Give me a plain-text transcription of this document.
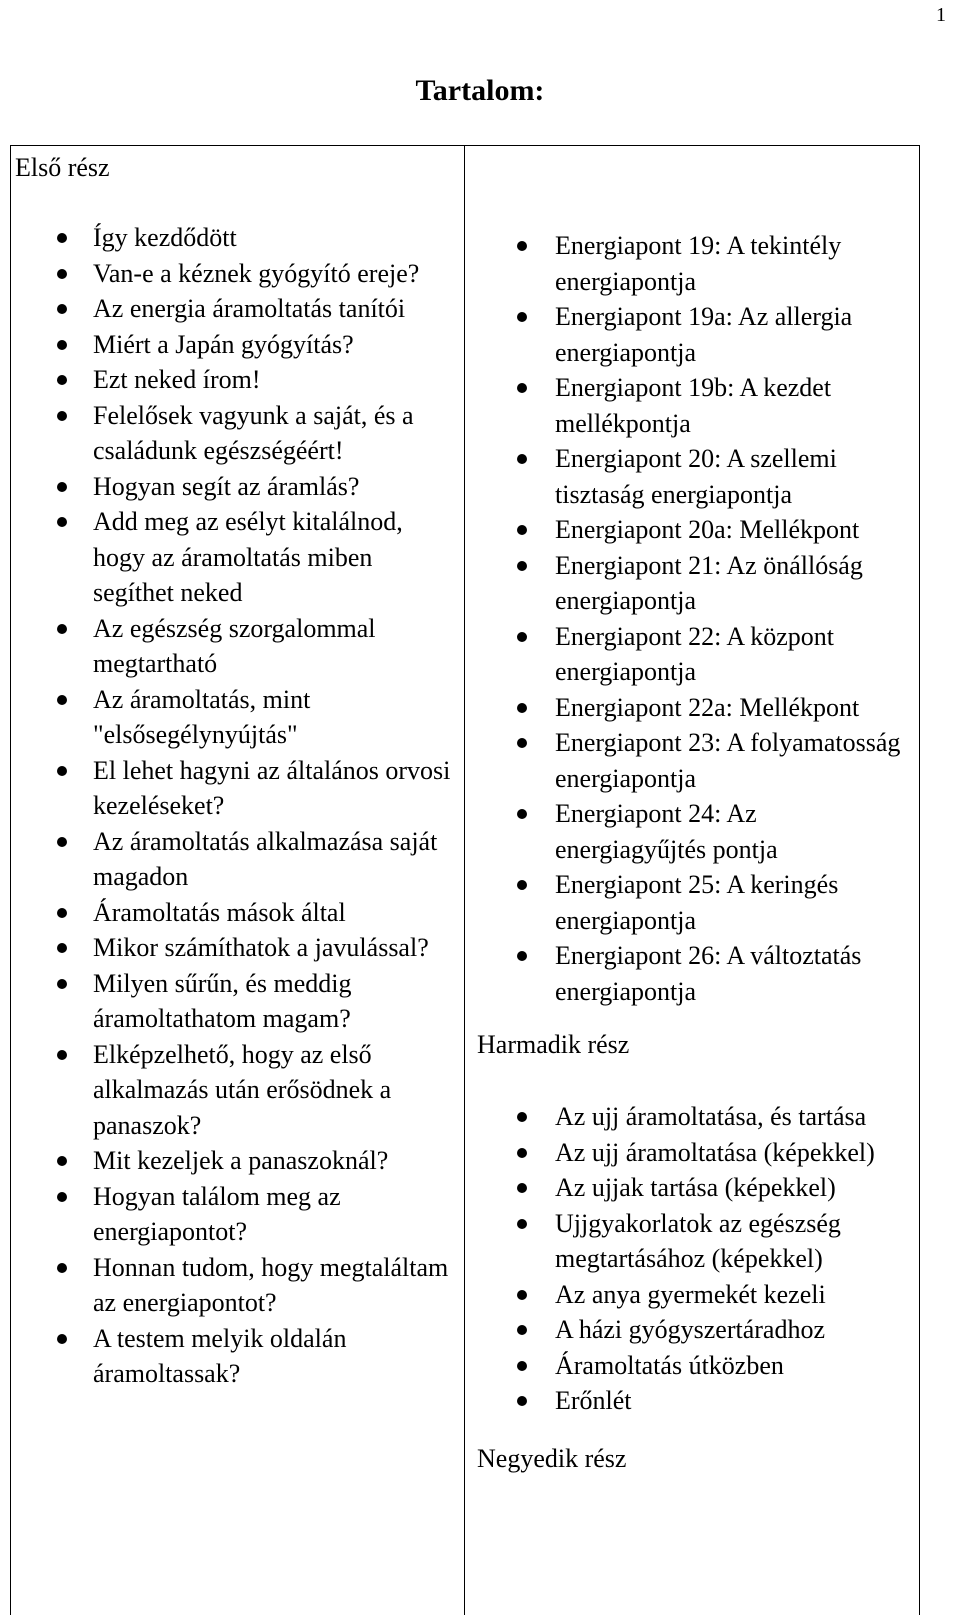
1
Tartalom:

Első rész

Így kezdődött
Van-e a kéznek gyógyító ereje?
Az energia áramoltatás tanítói
Miért a Japán gyógyítás?
Ezt neked írom!
Felelősek vagyunk a saját, és a családunk egészségéért!
Hogyan segít az áramlás?
Add meg az esélyt kitalálnod, hogy az áramoltatás miben segíthet neked
Az egészség szorgalommal megtartható
Az áramoltatás, mint "elsősegélynyújtás"
El lehet hagyni az általános orvosi kezeléseket?
Az áramoltatás alkalmazása saját magadon
Áramoltatás mások által
Mikor számíthatok a javulással?
Milyen sűrűn, és meddig áramoltathatom magam?
Elképzelhető, hogy az első alkalmazás után erősödnek a panaszok?
Mit kezeljek a panaszoknál?
Hogyan találom meg az energiapontot?
Honnan tudom, hogy megtaláltam az energiapontot?
A testem melyik oldalán áramoltassak?
Energiapont 19: A tekintély energiapontja
Energiapont 19a: Az allergia energiapontja
Energiapont 19b: A kezdet mellékpontja
Energiapont 20: A szellemi tisztaság energiapontja
Energiapont 20a: Mellékpont
Energiapont 21: Az önállóság energiapontja
Energiapont 22: A központ energiapontja
Energiapont 22a: Mellékpont
Energiapont 23: A folyamatosság energiapontja
Energiapont 24: Az energiagyűjtés pontja
Energiapont 25: A keringés energiapontja
Energiapont 26: A változtatás energiapontja

Harmadik rész

Az ujj áramoltatása, és tartása
Az ujj áramoltatása (képekkel)
Az ujjak tartása (képekkel)
Ujjgyakorlatok az egészség megtartásához (képekkel)
Az anya gyermekét kezeli
A házi gyógyszertáradhoz
Áramoltatás útközben
Erőnlét

Negyedik rész
